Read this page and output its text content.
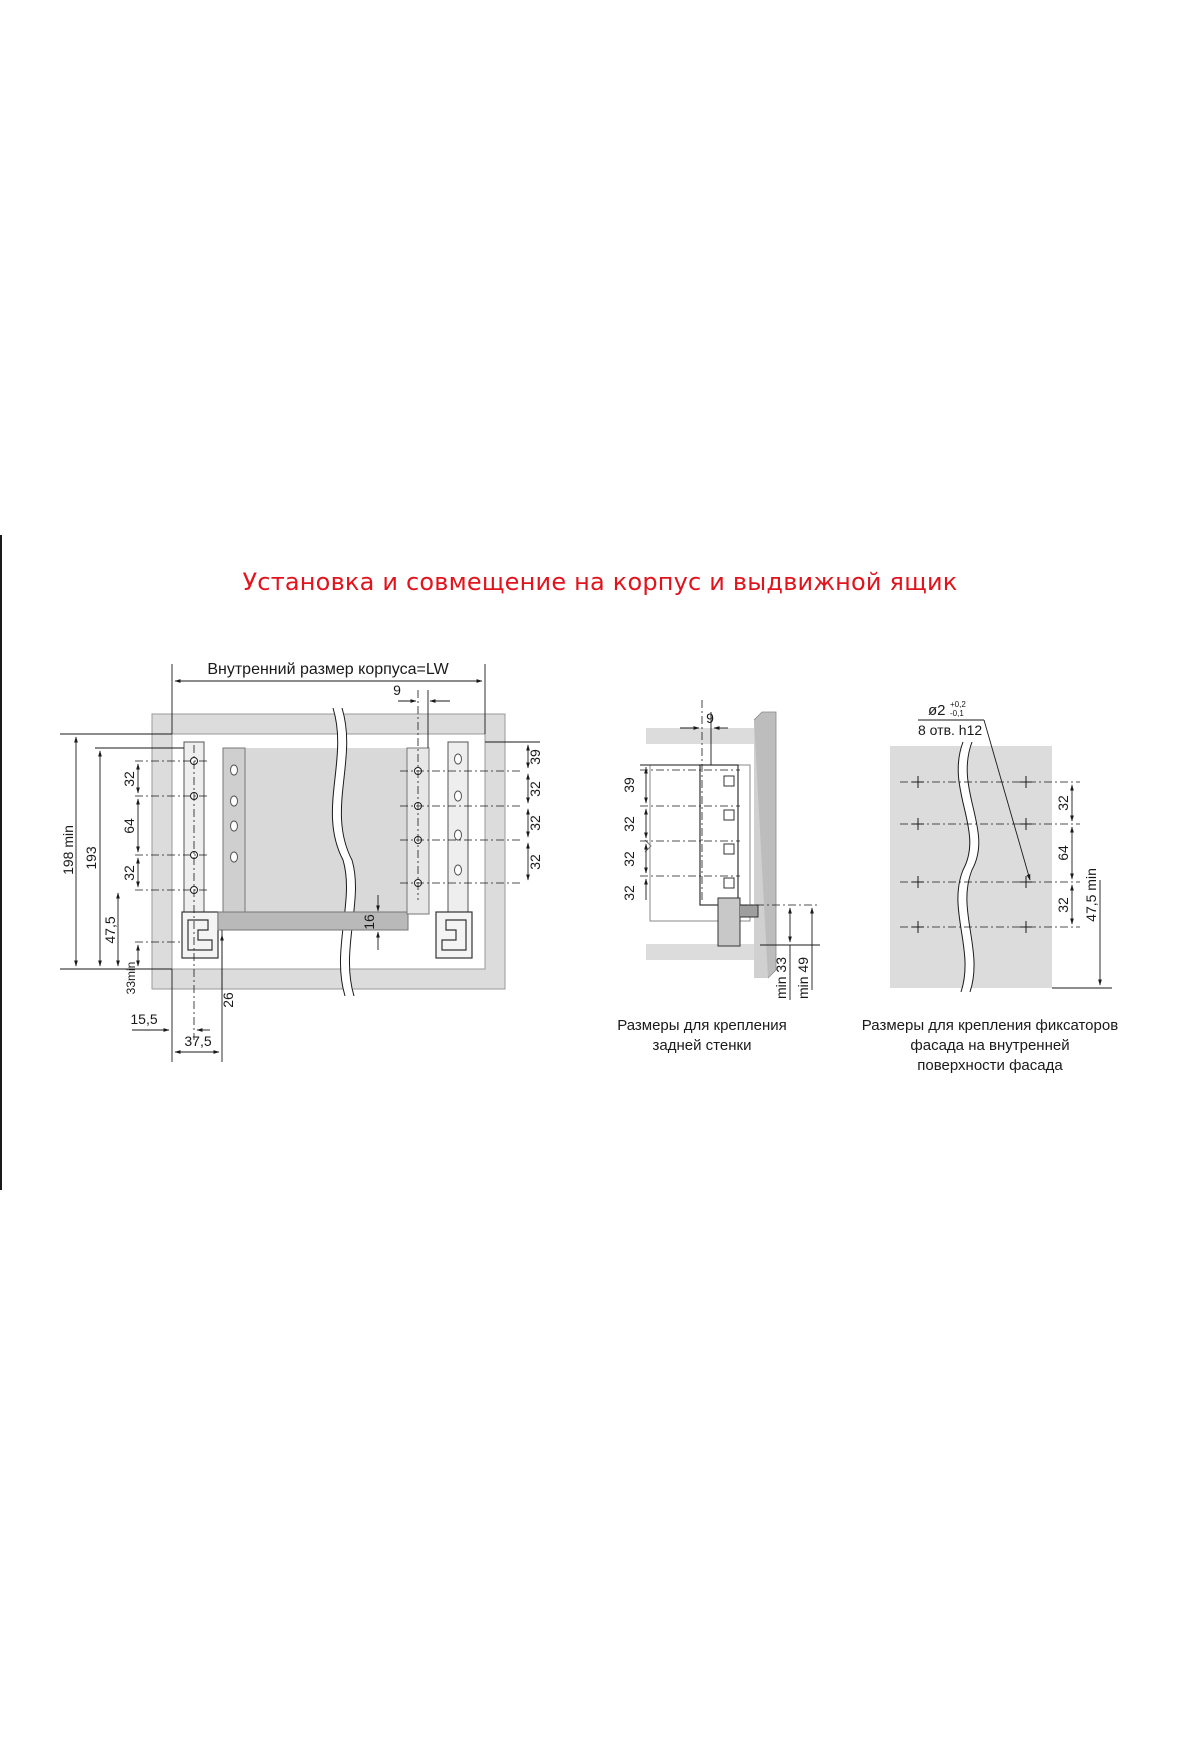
Установка и совмещение на корпус и выдвижной ящик
Внутренний размер корпуса=LW
9
198 min 193
32
64
32
47,5
33min
15,5
37,5
26
16
39
32
32
32
9
39
32
32
32
min 33 min 49
Размеры для крепления
задней стенки
ø2 +0,2
-0,1
8 отв. h12
32
64
32 47,5 min
Размеры для крепления фиксаторов
фасада на внутренней
поверхности фасада
